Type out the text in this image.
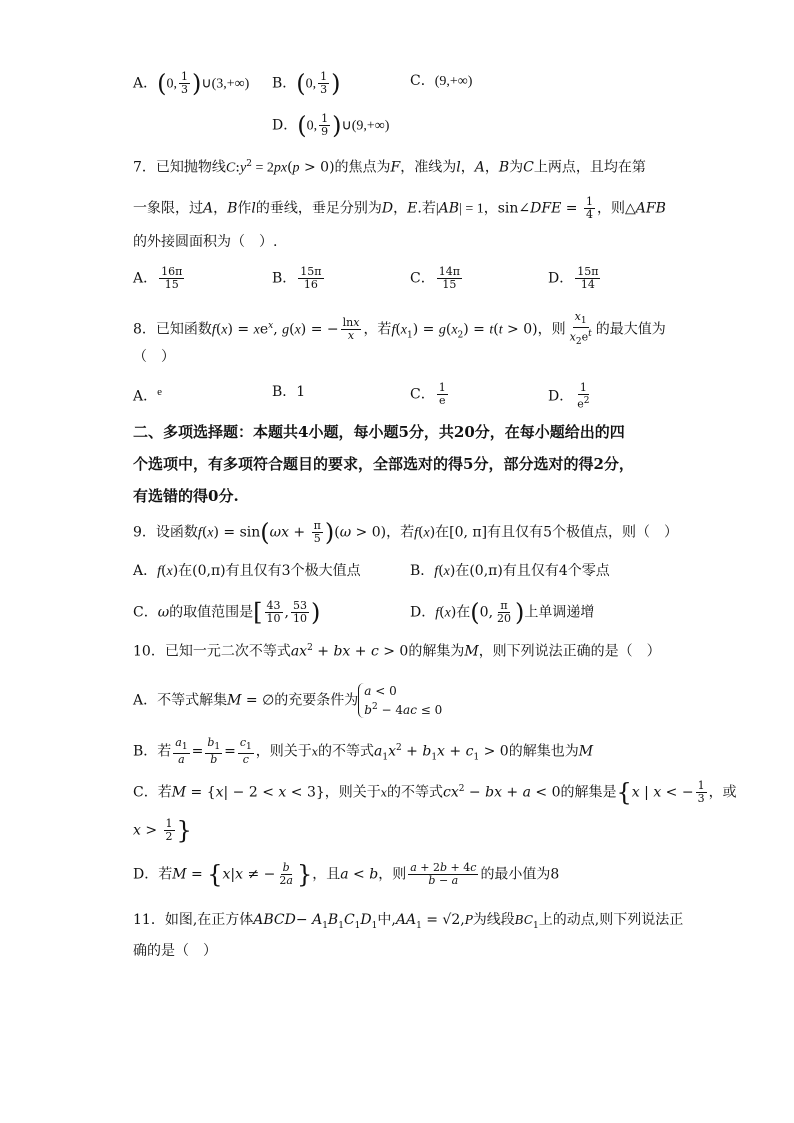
A．(0, $\frac{1}{3}$ )∪(3,+∞) B．(0, $\frac{1}{3}$ )	C．(9,+∞)
D．(0, $\frac{1}{9}$ )∪(9,+∞)
7．已知抛物线$C:y^2 = 2px(p > 0)$的焦点为F，准线为l，A，B为C上两点，且均在第
一象限，过A，B作l的垂线，垂足分别为D，E.若|AB| = 1，sin∠DFE = $\frac{1}{4}$ ，则△AFB
的外接圆面积为（　）.
A． $\frac{16\pi}{15}$	B． $\frac{15\pi}{16}$	C． $\frac{14\pi}{15}$	D． $\frac{15\pi}{14}$
8．已知函数$f(x) = xe^x$, g(x) = − $\frac{\ln x}{x}$ ，若$f(x_1) = g(x_2) = t(t > 0)$，则 $\frac{x_1}{x_2e^t}$ 的最大值为
（　）
A．$^e$	B．1	C． $\frac{1}{e}$	D． $\frac{1}{e^2}$
二、多项选择题：本题共4小题，每小题5分，共20分，在每小题给出的四
个选项中，有多项符合题目的要求，全部选对的得5分，部分选对的得2分，
有选错的得0分.
9．设函数$f(x) = \sin(\omega x + \frac{\pi}{5} )(\omega > 0)$，若f(x)在[0, π]有且仅有5个极值点，则（　）
A．f(x)在(0,π)有且仅有3个极大值点	B．f(x)在(0,π)有且仅有4个零点
C．ω的取值范围是[ $\frac{43}{10}$ , $\frac{53}{10}$ )	D．f(x)在(0, $\frac{\pi}{20}$ )上单调递增
10．已知一元二次不等式$ax^2$ + bx + c > 0的解集为M，则下列说法正确的是（　）
A．不等式解集M = ∅的充要条件为
a < 0
$b^2 - 4ac \le 0$
B．若 $\frac{a_1}{a} = \frac{b_1}{b} = \frac{c_1}{c}$ ，则关于x的不等式$a_1x^2 + b_1x + c_1 > 0$的解集也为M
C．若M = {x| − 2 < x < 3}，则关于x的不等式$cx^2$ − bx + a < 0的解集是{x | x < − $\frac{1}{3}$ ，或
$x > \frac{1}{2}$ }
D．若M = {x|x ≠ − $\frac{b}{2a}$ }，且a < b，则 $\frac{a + 2b + 4c}{b - a}$ 的最小值为8
11．如图,在正方体ABCD− $A_1B_1C_1D_1$中$,AA_1 = √2,P$为线段$BC_1$上的动点,则下列说法正
确的是（　）
